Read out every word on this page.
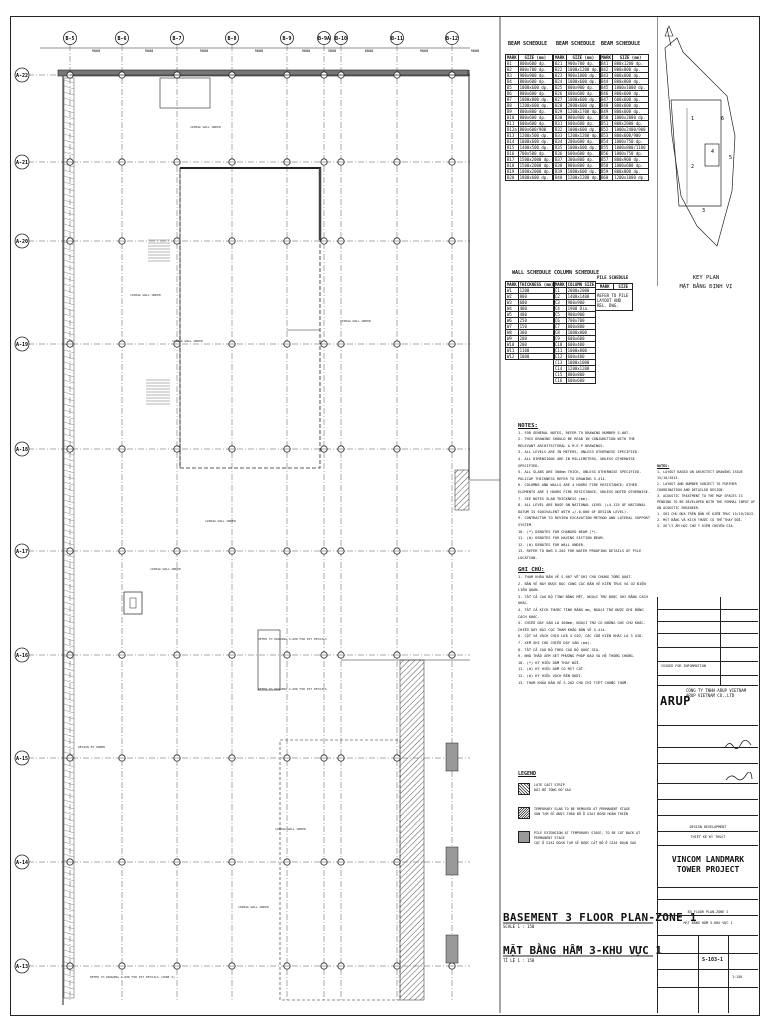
B-5	B-6	B-7	B-8	B-9	B-9A B-10	B-11	B-12
9000	9000	9000	9000	9000	3000	6000	9000	9000
A-22
A-21
A-20
A-19
A-18
A-17
A-16
A-15
A-14
A-13
1200mm WALL UNDER
1200mm WALL UNDER
1200mm WALL UNDER
1200mm WALL UNDER
1200mm WALL UNDER
1200mm WALL UNDER
1000mm WALL UNDER
1200mm WALL UNDER
REFER TO DRAWING S-600 FOR PIT DETAILS
REFER TO DRAWING S-600 FOR PIT DETAILS
DESIGN BY OWNER
REFER TO DRAWING S-600 FOR PIT DETAILS (ZONE 2)
BEAM SCHEDULE BEAM SCHEDULE BEAM SCHEDULE
MARK	SIZE (mm)
B1	800x600 dp.
B2	800x700 dp.
B3	900x900 dp.
B4	800x600 dp.
B5	1000x600 dp.
B6	800x600 dp.
B7	1000x800 dp.
B8	1200x600 dp.
B9	800x800 dp.
B10	800x600 dp.
B11	600x600 dp.
B12a	800x600/900
B13	1200x500 dp.
B14	1000x600 dp.
B15	1400x500 dp.
B16	700x500 dp.
B17	1500x2000 dp.
B18	1500x2000 dp.
B19	1000x2000 dp.
B20	1800x600 dp.
MARK	SIZE (mm)
B21	900x700 dp.
B22	1000x1200 dp.
B23	900x1800 dp.
B24	1000x600 dp.
B25	800x900 dp.
B26	600x600 dp.
B27	1000x600 dp.
B28	2000x600 dp.
B29	1200x1700 dp.
B30	800x900 dp.
B31	600x600 dp.
B32	1000x600 dp.
B33	1200x1200 dp.
B34	200x600 dp.
B35	1000x600 dp.
B36	600x600 dp.
B37	300x800 dp.
B38	800x800 dp.
B39	1000x600 dp.
B40	1200x1200 dp.
MARK	SIZE (mm)
B41	800x1200 dp.
B42	800x800 dp.
B43	800x600 dp.
B44	800x800 dp.
B45	1000x1000 dp.
B46	800x600 dp.
B47	600x600 dp.
B48	800x600 dp.
B49	800x600 dp.
B50	1000x2000 dp.
B51	800x2000 dp.
B52	1000x2400/900
B53	800x600/900
B54	1000x750 dp.
B55	1000x800/1100
B56	1000x750 dp.
B57	800x900 dp.
B58	1000x600 dp.
B59	800x800 dp.
B60	1200x1000 dp.
WALL SCHEDULE
MARK	THICKNESS (mm)
W1	1200
W2	800
W3	600
W4	400
W5	400
W6	250
W7	150
W8	300
W9	200
W10	200
W11	1100
W12	1000
COLUMN SCHEDULE
MARK	COLUMN SIZE
C1	2000x2000
C2	1400x1400
C3	900x900
C4	1900 Dia.
C5	900x900
C6	700x700
C7	800x800
C8	1000x800
C9	600x600
C10	600x400
C11	1000x800
C12	600x400
C13	1000x1000
C14	1200x1200
C15	800x800
C16	600x600
PILE SCHEDULE
MARK	SIZE
REFER TO PILE LAYOUT AND REL. DWG.
NOTES:
1. FOR GENERAL NOTES, REFER TO DRAWING NUMBER S-007.
2. THIS DRAWING SHOULD BE READ IN CONJUNCTION WITH THE RELEVANT ARCHITECTURAL & M.E.P DRAWINGS.
3. ALL LEVELS ARE IN METERS, UNLESS OTHERWISE SPECIFIED.
4. ALL DIMENSIONS ARE IN MILLIMETERS, UNLESS OTHERWISE SPECIFIED.
5. ALL SLABS ARE 300mm THICK, UNLESS OTHERWISE SPECIFIED. POLICAP THICKNESS REFER TO DRAWING S-414.
6. COLUMNS AND WALLS ARE 4 HOURS FIRE RESISTANCE; OTHER ELEMENTS ARE 3 HOURS FIRE RESISTANCE, UNLESS NOTED OTHERWISE.
7. SEE NOTES SLAB THICKNESS (mm).
8. ALL LEVEL ARE BASE ON NATIONAL LEVEL (+4.125 OF NATIONAL DATUM IS EQUIVALENT WITH +/-0.000 OF DESIGN LEVEL).
9. CONTRACTOR TO REVIEW EXCAVATION METHOD AND LATERAL SUPPORT SYSTEM.
10. (*) DENOTES FOR CHANGED BEAM (*).
11. (#) DENOTES FOR HAVING SECTION BEAM.
12. (#) DENOTES FOR WALL UNDER.
13. REFER TO DWG S-202 FOR WATER PROOFING DETAILS OF PILE LOCATION.
GHI CHÚ:
1. THAM KHẢO BẢN VẼ S-007 VỀ GHI CHÚ CHUNG TỔNG QUÁT.
2. BẢN VẼ NÀY ĐƯỢC ĐỌC CÙNG CÁC BẢN VẼ KIẾN TRÚC VÀ CƠ ĐIỆN LIÊN QUAN.
3. TẤT CẢ CAO ĐỘ TÍNH BẰNG MÉT, NGOẠI TRỪ ĐƯỢC GHI BẰNG CÁCH KHÁC.
4. TẤT CẢ KÍCH THƯỚC TÍNH BẰNG mm, NGOẠI TRỪ ĐƯỢC GHI BẰNG CÁCH KHÁC.
5. CHIỀU DÀY SÀN LÀ 300mm, NGOẠI TRỪ CÓ NHỮNG GHI CHÚ KHÁC. CHIỀU DÀY ĐÀI CỌC THAM KHẢO BẢN VẼ S-414.
6. CỘT VÀ VÁCH CHỊU LỬA 4 GIỜ, CÁC CẤU KIỆN KHÁC LÀ 3 GIỜ.
7. XEM GHI CHÚ CHIỀU DÀY SÀN (mm).
8. TẤT CẢ CAO ĐỘ THEO CAO ĐỘ QUỐC GIA.
9. NHÀ THẦU XEM XÉT PHƯƠNG PHÁP ĐÀO VÀ HỆ THỐNG CHỐNG.
10. (*) KÝ HIỆU DẦM THAY ĐỔI.
11. (#) KÝ HIỆU DẦM CÓ MẶT CẮT.
12. (#) KÝ HIỆU VÁCH BÊN DƯỚI.
13. THAM KHẢO BẢN VẼ S-202 CHO CHI TIẾT CHỐNG THẤM.
NOTES:
1. LAYOUT BASED ON ARCHITECT DRAWING ISSUE 15/10/2013.
2. LAYOUT AND NUMBER SUBJECT TO FURTHER COORDINATION AND DETAILED DESIGN.
3. ACOUSTIC TREATMENT TO THE M&P SPACES IS PENDING TO BE DEVELOPED WITH THE FORMAL INPUT OF AN ACOUSTIC ENGINEER.
1. GHI CHÚ DỰA TRÊN BẢN VẼ KIẾN TRÚC 15/10/2013.
2. MẶT BẰNG VÀ KÍCH THƯỚC CÓ THỂ THAY ĐỔI.
3. XỬ LÝ ÂM HỌC CHỜ Ý KIẾN CHUYÊN GIA.
LEGEND
LATE CAST STRIP
DẢI BÊ TÔNG ĐỔ SAU
TEMPORARY SLAB TO BE REMOVED AT PERMANENT STAGE
SÀN TẠM SẼ ĐƯỢC THÁO BỎ Ở GIAI ĐOẠN HOÀN THIỆN
PILE EXTENSION AT TEMPORARY STAGE, TO BE CUT BACK AT PERMANENT STAGE
CỌC Ở GIAI ĐOẠN TẠM SẼ ĐƯỢC CẮT BỎ Ở GIAI ĐOẠN SAU
BASEMENT 3 FLOOR PLAN-ZONE 1
SCALE 1 : 150
MẶT BẰNG HẦM 3-KHU VỰC 1
TỈ LỆ 1 : 150
1	6
4
5
2
3
KEY PLAN
MẶT BẰNG ĐỊNH VỊ
ISSUED FOR INFORMATION
DESIGN DEVELOPMENT
THIẾT KẾ KỸ THUẬT
B3 FLOOR PLAN-ZONE 1
MẶT BẰNG HẦM 3-KHU VỰC 1
S-103-1
1:150
ARUP
CÔNG TY TNHH ARUP VIETNAM
ARUP VIETNAM CO.,LTD
VINCOM LANDMARK
TOWER PROJECT
